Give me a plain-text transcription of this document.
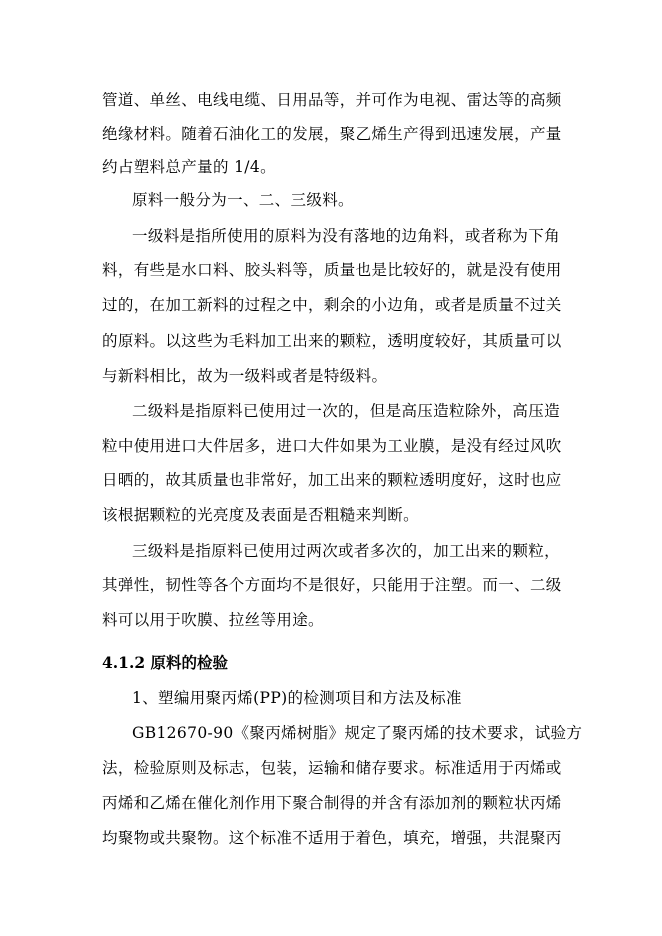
管道、单丝、电线电缆、日用品等，并可作为电视、雷达等的高频
绝缘材料。随着石油化工的发展，聚乙烯生产得到迅速发展，产量
约占塑料总产量的 1/4。
原料一般分为一、二、三级料。
一级料是指所使用的原料为没有落地的边角料，或者称为下角
料，有些是水口料、胶头料等，质量也是比较好的，就是没有使用
过的，在加工新料的过程之中，剩余的小边角，或者是质量不过关
的原料。以这些为毛料加工出来的颗粒，透明度较好，其质量可以
与新料相比，故为一级料或者是特级料。
二级料是指原料已使用过一次的，但是高压造粒除外，高压造
粒中使用进口大件居多，进口大件如果为工业膜，是没有经过风吹
日晒的，故其质量也非常好，加工出来的颗粒透明度好，这时也应
该根据颗粒的光亮度及表面是否粗糙来判断。
三级料是指原料已使用过两次或者多次的，加工出来的颗粒，
其弹性，韧性等各个方面均不是很好，只能用于注塑。而一、二级
料可以用于吹膜、拉丝等用途。
4.1.2 原料的检验
1、塑编用聚丙烯(PP)的检测项目和方法及标准
GB12670-90《聚丙烯树脂》规定了聚丙烯的技术要求，试验方
法，检验原则及标志，包装，运输和储存要求。标准适用于丙烯或
丙烯和乙烯在催化剂作用下聚合制得的并含有添加剂的颗粒状丙烯
均聚物或共聚物。这个标准不适用于着色，填充，增强，共混聚丙
